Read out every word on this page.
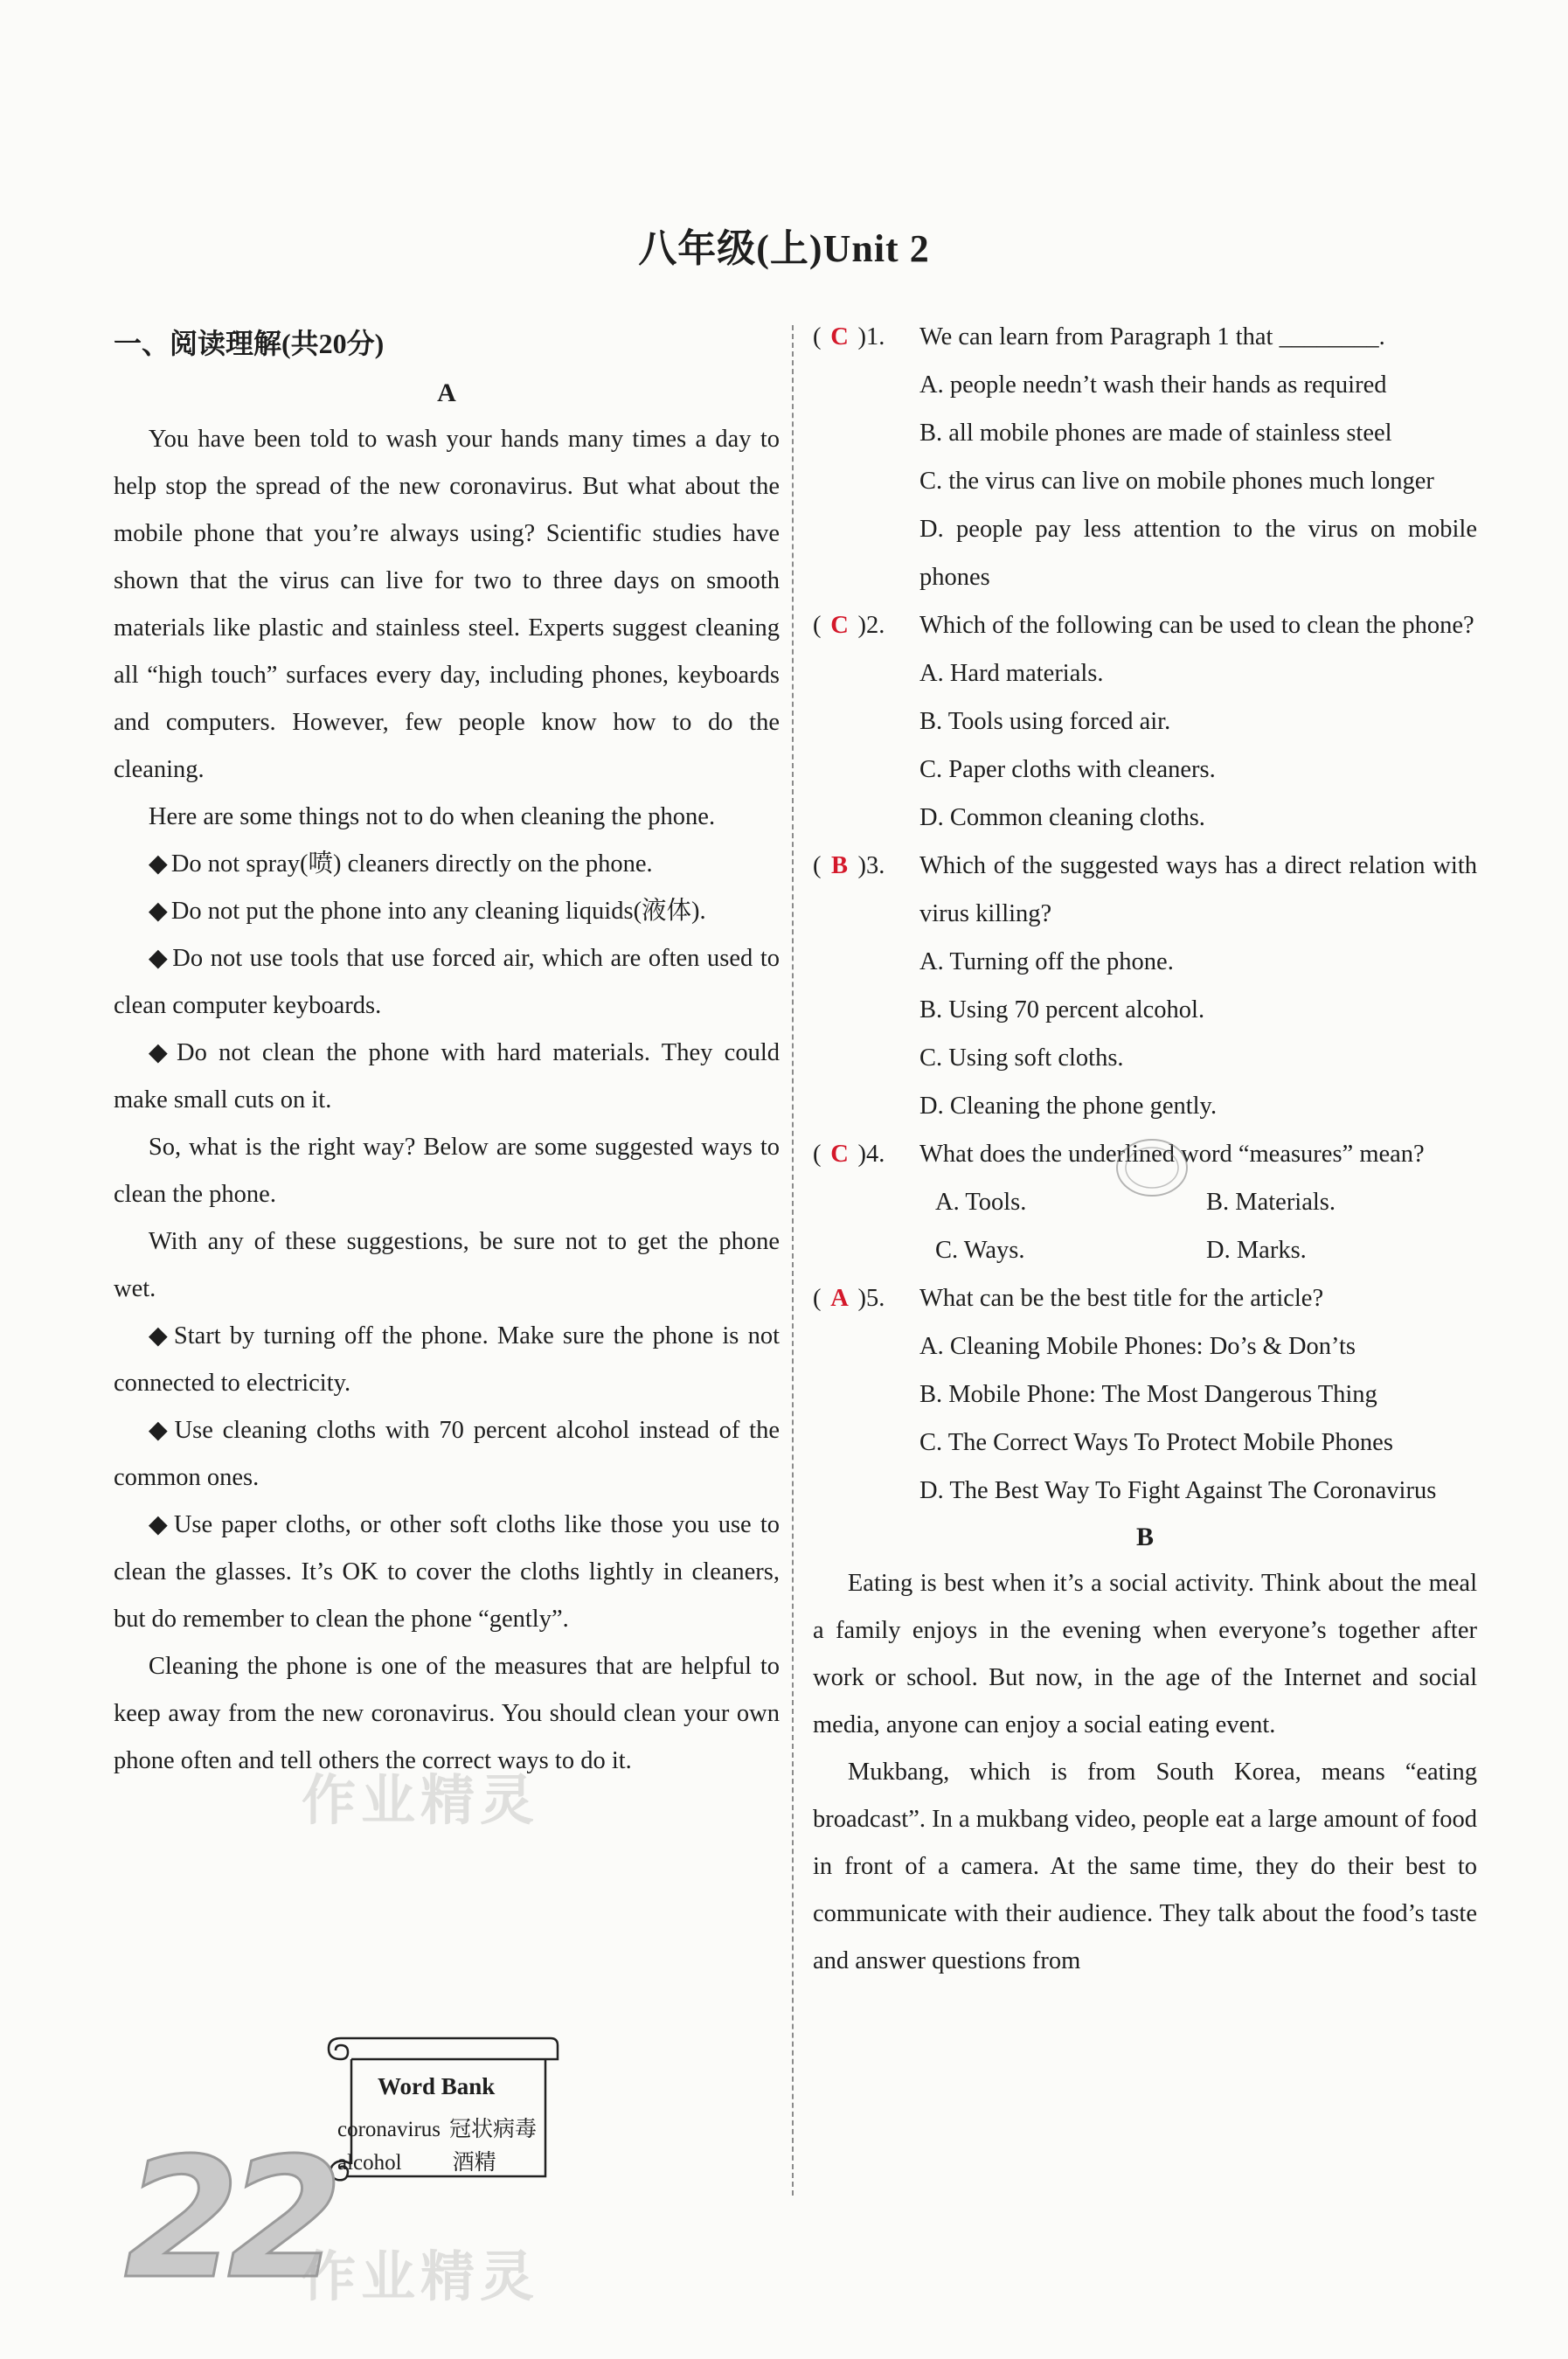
八年级(上)Unit 2
一、阅读理解(共20分)
A

You have been told to wash your hands many times a day to help stop the spread of the new coronavirus. But what about the mobile phone that you’re always using? Scientific studies have shown that the virus can live for two to three days on smooth materials like plastic and stainless steel. Experts suggest cleaning all “high touch” surfaces every day, including phones, keyboards and computers. However, few people know how to do the cleaning.

Here are some things not to do when cleaning the phone.

◆ Do not spray(喷) cleaners directly on the phone.

◆ Do not put the phone into any cleaning liquids(液体).

◆ Do not use tools that use forced air, which are often used to clean computer keyboards.

◆ Do not clean the phone with hard materials. They could make small cuts on it.

So, what is the right way? Below are some suggested ways to clean the phone.

With any of these suggestions, be sure not to get the phone wet.

◆ Start by turning off the phone. Make sure the phone is not connected to electricity.

◆ Use cleaning cloths with 70 percent alcohol instead of the common ones.

◆ Use paper cloths, or other soft cloths like those you use to clean the glasses. It’s OK to cover the cloths lightly in cleaners, but do remember to clean the phone “gently”.

Cleaning the phone is one of the measures that are helpful to keep away from the new coronavirus. You should clean your own phone often and tell others the correct ways to do it.

Word Bank
coronavirus 冠状病毒
alcohol 酒精
22
( C )1.	We can learn from Paragraph 1 that ________.
A. people needn’t wash their hands as required
B. all mobile phones are made of stainless steel
C. the virus can live on mobile phones much longer
D. people pay less attention to the virus on mobile phones
( C )2.	Which of the following can be used to clean the phone?
A. Hard materials.
B. Tools using forced air.
C. Paper cloths with cleaners.
D. Common cleaning cloths.
( B )3.	Which of the suggested ways has a direct relation with virus killing?
A. Turning off the phone.
B. Using 70 percent alcohol.
C. Using soft cloths.
D. Cleaning the phone gently.
( C )4.	What does the underlined word “measures” mean?
A. Tools.	B. Materials.
C. Ways.	D. Marks.
( A )5.	What can be the best title for the article?
A. Cleaning Mobile Phones: Do’s & Don’ts
B. Mobile Phone: The Most Dangerous Thing
C. The Correct Ways To Protect Mobile Phones
D. The Best Way To Fight Against The Coronavirus
B

Eating is best when it’s a social activity. Think about the meal a family enjoys in the evening when everyone’s together after work or school. But now, in the age of the Internet and social media, anyone can enjoy a social eating event.

Mukbang, which is from South Korea, means “eating broadcast”. In a mukbang video, people eat a large amount of food in front of a camera. At the same time, they do their best to communicate with their audience. They talk about the food’s taste and answer questions from

作业精灵
作业精灵
